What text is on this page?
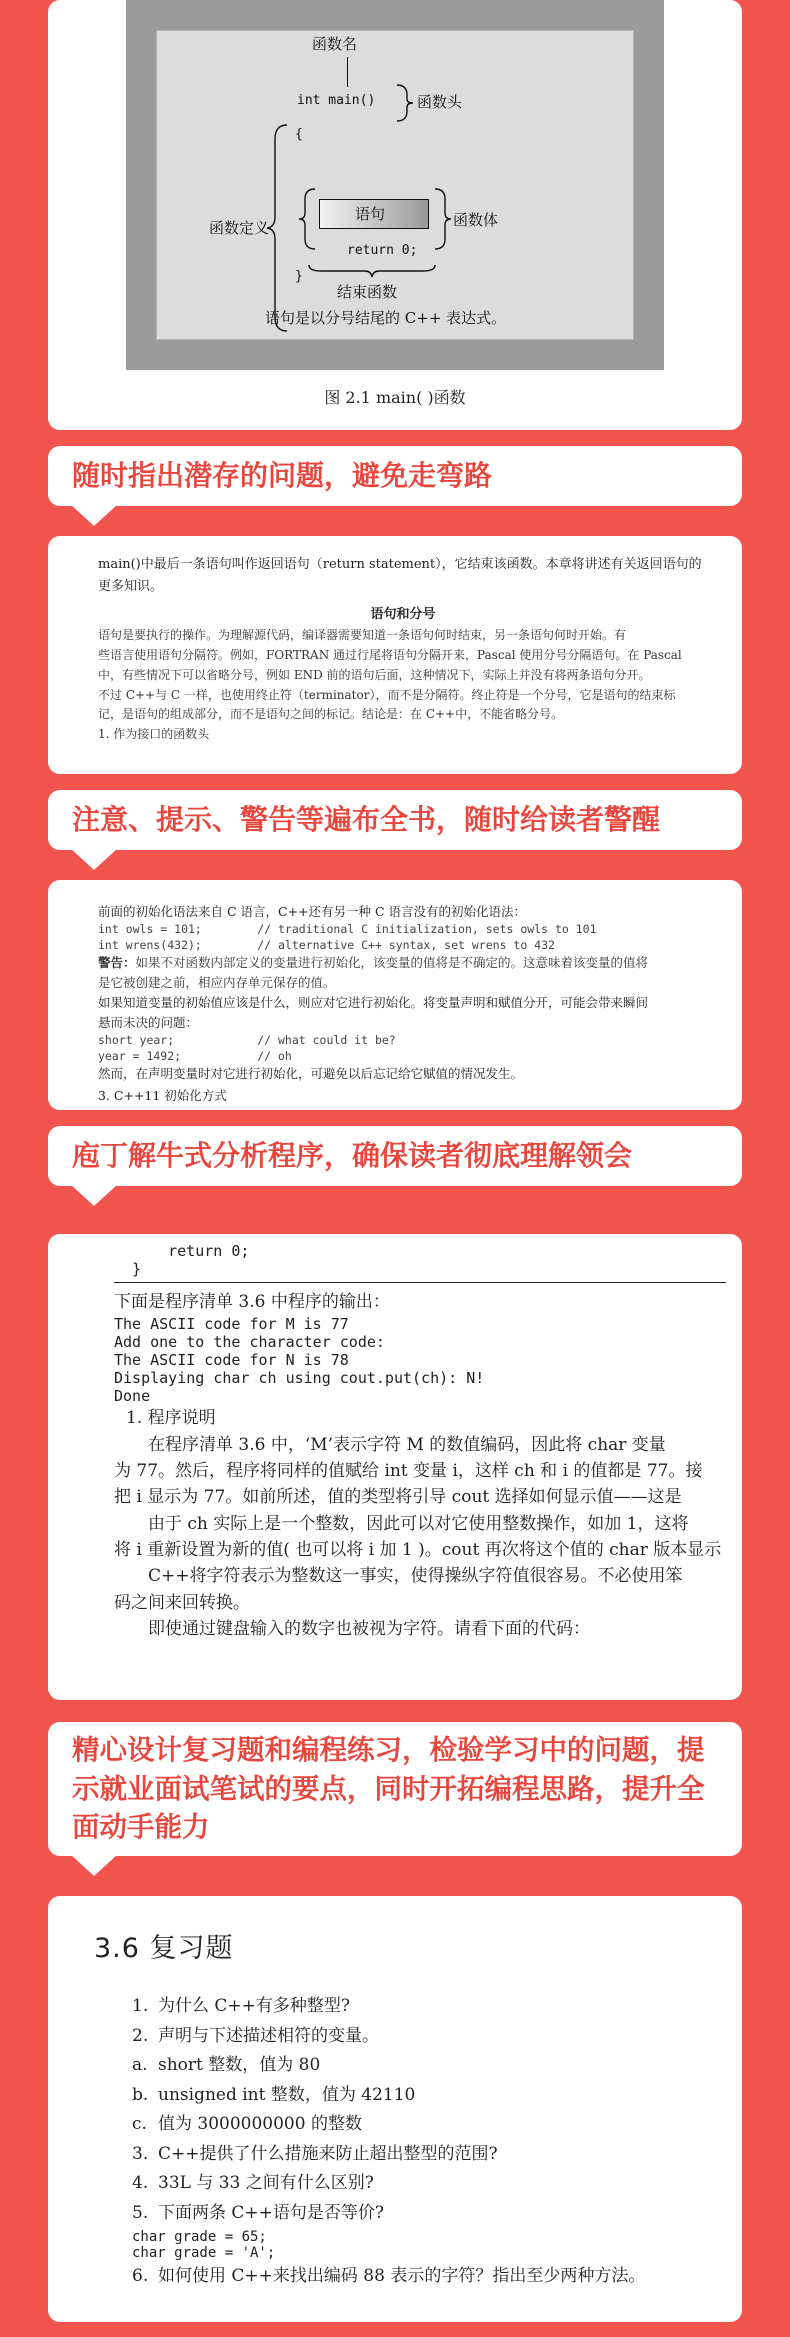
函数名
int main()	函数头
{
函数定义
语句	函数体
return 0;
}
结束函数
语句是以分号结尾的 C++ 表达式。
图 2.1 main( )函数
随时指出潜存的问题，避免走弯路
main()中最后一条语句叫作返回语句（return statement），它结束该函数。本章将讲述有关返回语句的
更多知识。
语句和分号
语句是要执行的操作。为理解源代码，编译器需要知道一条语句何时结束，另一条语句何时开始。有
些语言使用语句分隔符。例如，FORTRAN 通过行尾将语句分隔开来，Pascal 使用分号分隔语句。在 Pascal
中，有些情况下可以省略分号，例如 END 前的语句后面，这种情况下，实际上并没有将两条语句分开。
不过 C++与 C 一样，也使用终止符（terminator），而不是分隔符。终止符是一个分号，它是语句的结束标
记，是语句的组成部分，而不是语句之间的标记。结论是：在 C++中，不能省略分号。
1. 作为接口的函数头
注意、提示、警告等遍布全书，随时给读者警醒
前面的初始化语法来自 C 语言，C++还有另一种 C 语言没有的初始化语法：
int owls = 101;        // traditional C initialization, sets owls to 101
int wrens(432);        // alternative C++ syntax, set wrens to 432
警告：如果不对函数内部定义的变量进行初始化，该变量的值将是不确定的。这意味着该变量的值将
是它被创建之前，相应内存单元保存的值。
如果知道变量的初始值应该是什么，则应对它进行初始化。将变量声明和赋值分开，可能会带来瞬间
悬而未决的问题：
short year;            // what could it be?
year = 1492;           // oh
然而，在声明变量时对它进行初始化，可避免以后忘记给它赋值的情况发生。
3. C++11 初始化方式
庖丁解牛式分析程序，确保读者彻底理解领会
return 0;
}
下面是程序清单 3.6 中程序的输出：
The ASCII code for M is 77
Add one to the character code:
The ASCII code for N is 78
Displaying char ch using cout.put(ch): N!
Done
1. 程序说明
在程序清单 3.6 中，‘M’表示字符 M 的数值编码，因此将 char 变量
为 77。然后，程序将同样的值赋给 int 变量 i，这样 ch 和 i 的值都是 77。接
把 i 显示为 77。如前所述，值的类型将引导 cout 选择如何显示值——这是
由于 ch 实际上是一个整数，因此可以对它使用整数操作，如加 1，这将
将 i 重新设置为新的值( 也可以将 i 加 1 )。cout 再次将这个值的 char 版本显示
C++将字符表示为整数这一事实，使得操纵字符值很容易。不必使用笨
码之间来回转换。
即使通过键盘输入的数字也被视为字符。请看下面的代码：
精心设计复习题和编程练习，检验学习中的问题，提示就业面试笔试的要点，同时开拓编程思路，提升全面动手能力
3.6 复习题
1. 为什么 C++有多种整型?
2. 声明与下述描述相符的变量。
a. short 整数，值为 80
b. unsigned int 整数，值为 42110
c. 值为 3000000000 的整数
3. C++提供了什么措施来防止超出整型的范围?
4. 33L 与 33 之间有什么区别?
5. 下面两条 C++语句是否等价?
char grade = 65;
char grade = 'A';
6. 如何使用 C++来找出编码 88 表示的字符？指出至少两种方法。
